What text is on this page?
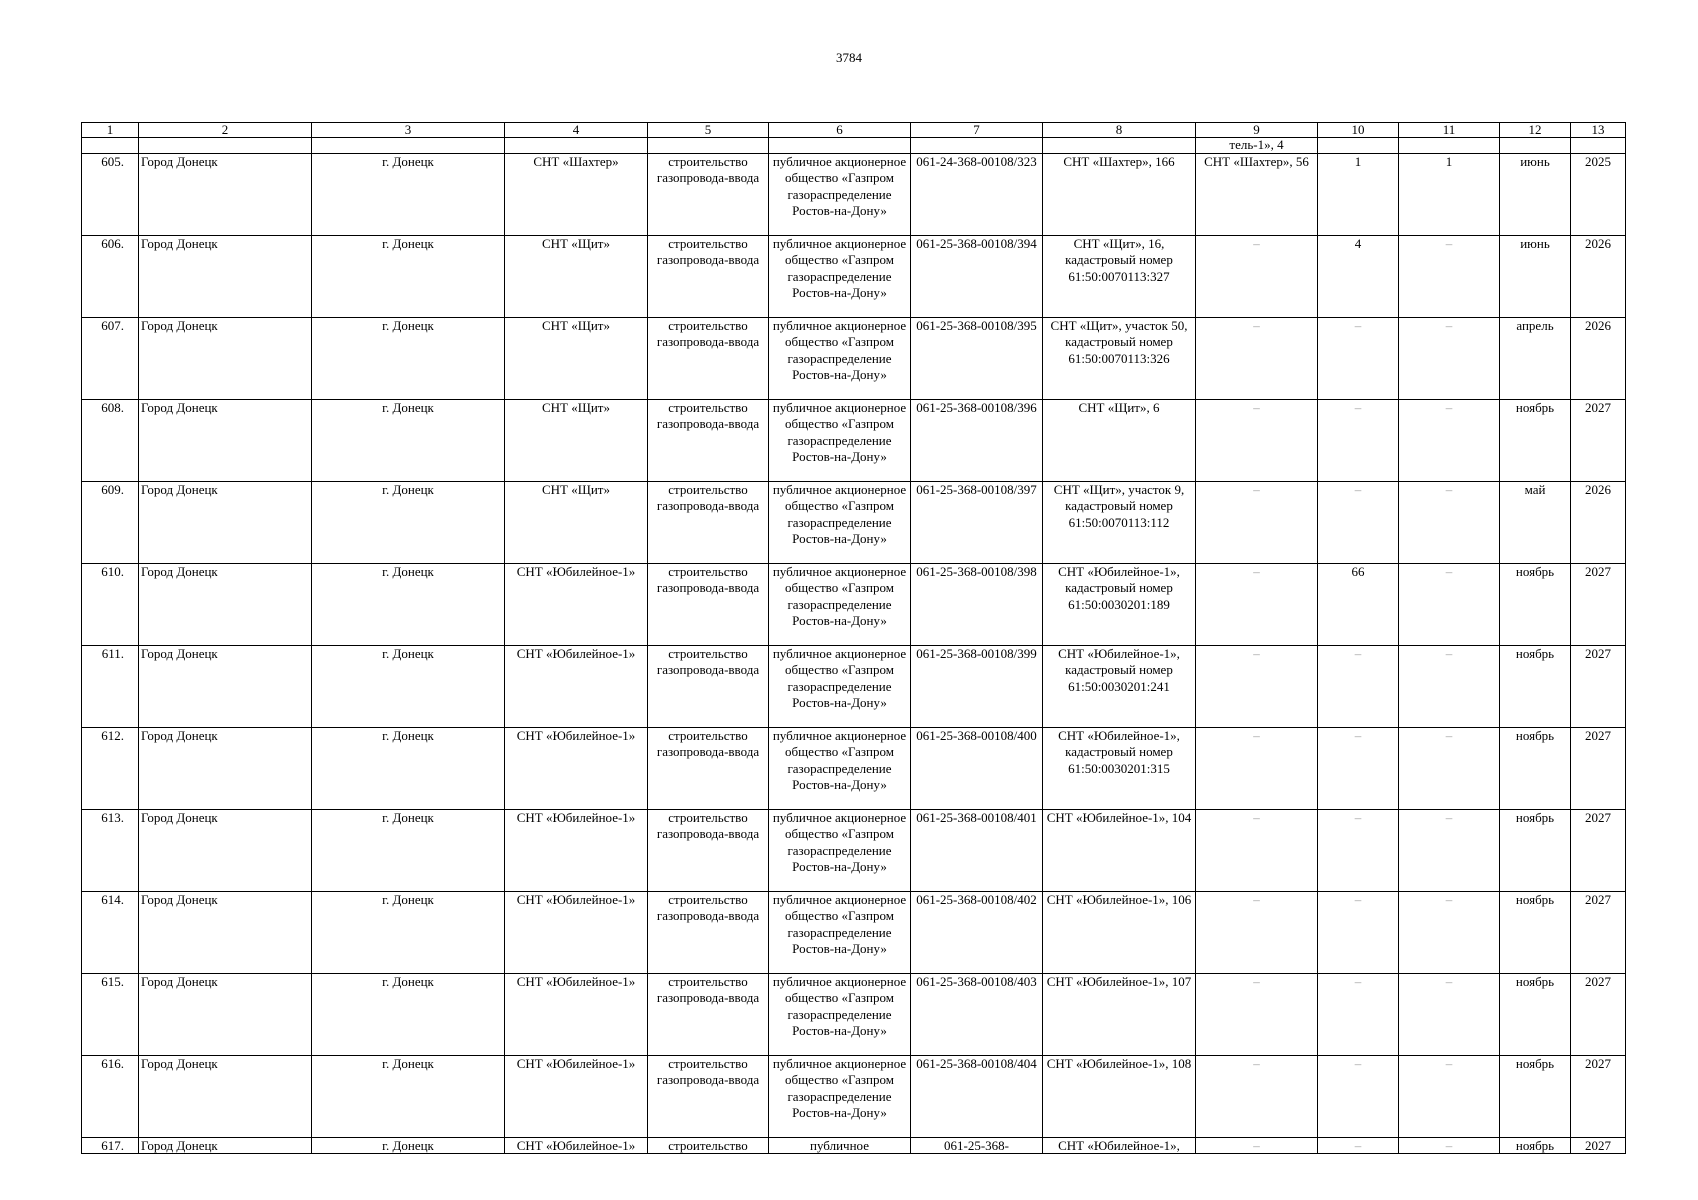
3784
1	2	3	4	5	6	7	8	9	10	11	12	13
								тель-1», 4				
605.	Город Донецк	г. Донецк	СНТ «Шахтер»	строительство газопровода-ввода	публичное акционерное общество «Газпром газораспределение Ростов-на-Дону»	061-24-368-00108/323	СНТ «Шахтер», 166	СНТ «Шахтер», 56	1	1	июнь	2025
606.	Город Донецк	г. Донецк	СНТ «Щит»	строительство газопровода-ввода	публичное акционерное общество «Газпром газораспределение Ростов-на-Дону»	061-25-368-00108/394	СНТ «Щит», 16, кадастровый номер 61:50:0070113:327	–	4	–	июнь	2026
607.	Город Донецк	г. Донецк	СНТ «Щит»	строительство газопровода-ввода	публичное акционерное общество «Газпром газораспределение Ростов-на-Дону»	061-25-368-00108/395	СНТ «Щит», участок 50, кадастровый номер 61:50:0070113:326	–	–	–	апрель	2026
608.	Город Донецк	г. Донецк	СНТ «Щит»	строительство газопровода-ввода	публичное акционерное общество «Газпром газораспределение Ростов-на-Дону»	061-25-368-00108/396	СНТ «Щит», 6	–	–	–	ноябрь	2027
609.	Город Донецк	г. Донецк	СНТ «Щит»	строительство газопровода-ввода	публичное акционерное общество «Газпром газораспределение Ростов-на-Дону»	061-25-368-00108/397	СНТ «Щит», участок 9, кадастровый номер 61:50:0070113:112	–	–	–	май	2026
610.	Город Донецк	г. Донецк	СНТ «Юбилейное-1»	строительство газопровода-ввода	публичное акционерное общество «Газпром газораспределение Ростов-на-Дону»	061-25-368-00108/398	СНТ «Юбилейное-1», кадастровый номер 61:50:0030201:189	–	66	–	ноябрь	2027
611.	Город Донецк	г. Донецк	СНТ «Юбилейное-1»	строительство газопровода-ввода	публичное акционерное общество «Газпром газораспределение Ростов-на-Дону»	061-25-368-00108/399	СНТ «Юбилейное-1», кадастровый номер 61:50:0030201:241	–	–	–	ноябрь	2027
612.	Город Донецк	г. Донецк	СНТ «Юбилейное-1»	строительство газопровода-ввода	публичное акционерное общество «Газпром газораспределение Ростов-на-Дону»	061-25-368-00108/400	СНТ «Юбилейное-1», кадастровый номер 61:50:0030201:315	–	–	–	ноябрь	2027
613.	Город Донецк	г. Донецк	СНТ «Юбилейное-1»	строительство газопровода-ввода	публичное акционерное общество «Газпром газораспределение Ростов-на-Дону»	061-25-368-00108/401	СНТ «Юбилейное-1», 104	–	–	–	ноябрь	2027
614.	Город Донецк	г. Донецк	СНТ «Юбилейное-1»	строительство газопровода-ввода	публичное акционерное общество «Газпром газораспределение Ростов-на-Дону»	061-25-368-00108/402	СНТ «Юбилейное-1», 106	–	–	–	ноябрь	2027
615.	Город Донецк	г. Донецк	СНТ «Юбилейное-1»	строительство газопровода-ввода	публичное акционерное общество «Газпром газораспределение Ростов-на-Дону»	061-25-368-00108/403	СНТ «Юбилейное-1», 107	–	–	–	ноябрь	2027
616.	Город Донецк	г. Донецк	СНТ «Юбилейное-1»	строительство газопровода-ввода	публичное акционерное общество «Газпром газораспределение Ростов-на-Дону»	061-25-368-00108/404	СНТ «Юбилейное-1», 108	–	–	–	ноябрь	2027
617.	Город Донецк	г. Донецк	СНТ «Юбилейное-1»	строительство	публичное	061-25-368-	СНТ «Юбилейное-1»,	–	–	–	ноябрь	2027
